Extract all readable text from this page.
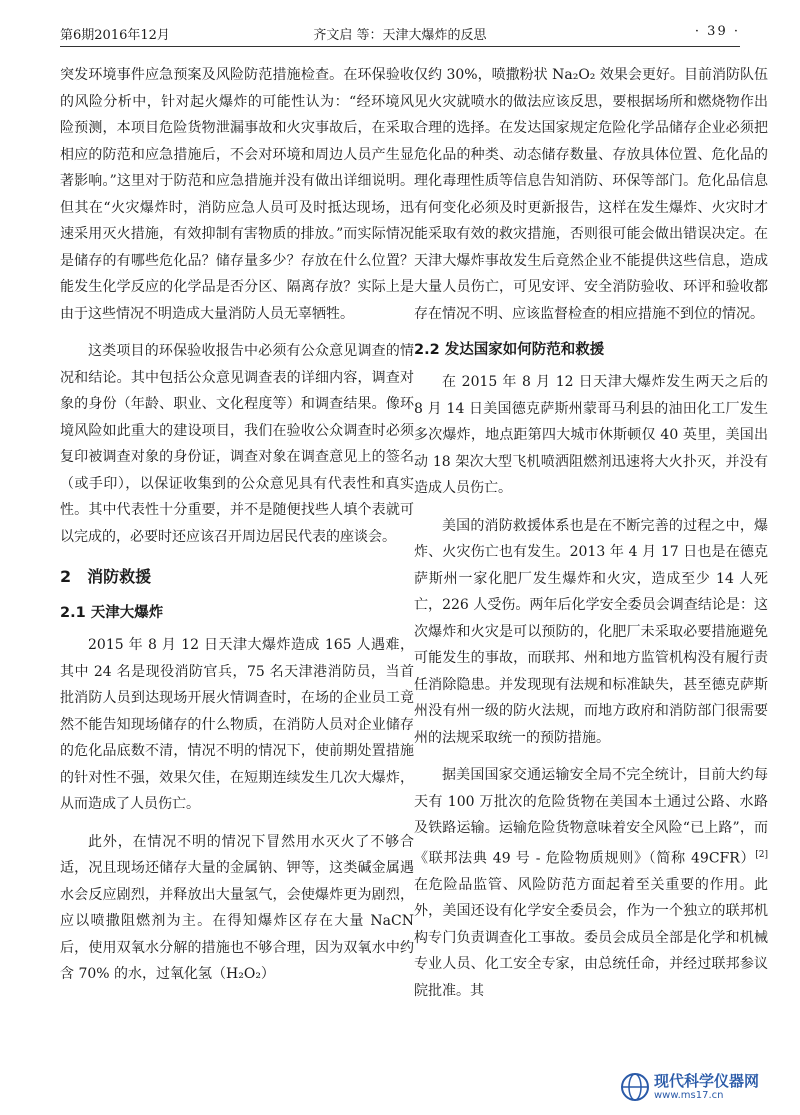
第6期2016年12月	齐文启 等：天津大爆炸的反思	· 39 ·

突发环境事件应急预案及风险防范措施检查。在环保验收的风险分析中，针对起火爆炸的可能性认为：“经环境风险预测，本项目危险货物泄漏事故和火灾事故后，在采取相应的防范和应急措施后，不会对环境和周边人员产生显著影响。”这里对于防范和应急措施并没有做出详细说明。但其在“火灾爆炸时，消防应急人员可及时抵达现场，迅速采用灭火措施，有效抑制有害物质的排放。”而实际情况是储存的有哪些危化品？储存量多少？存放在什么位置？能发生化学反应的化学品是否分区、隔离存放？实际上是由于这些情况不明造成大量消防人员无辜牺牲。

这类项目的环保验收报告中必须有公众意见调查的情况和结论。其中包括公众意见调查表的详细内容，调查对象的身份（年龄、职业、文化程度等）和调查结果。像环境风险如此重大的建设项目，我们在验收公众调查时必须复印被调查对象的身份证，调查对象在调查意见上的签名（或手印），以保证收集到的公众意见具有代表性和真实性。其中代表性十分重要，并不是随便找些人填个表就可以完成的，必要时还应该召开周边居民代表的座谈会。

2　消防救援
2.1 天津大爆炸

2015 年 8 月 12 日天津大爆炸造成 165 人遇难，其中 24 名是现役消防官兵，75 名天津港消防员，当首批消防人员到达现场开展火情调查时，在场的企业员工竟然不能告知现场储存的什么物质，在消防人员对企业储存的危化品底数不清，情况不明的情况下，使前期处置措施的针对性不强，效果欠佳，在短期连续发生几次大爆炸，从而造成了人员伤亡。

此外，在情况不明的情况下冒然用水灭火了不够合适，况且现场还储存大量的金属钠、钾等，这类碱金属遇水会反应剧烈，并释放出大量氢气，会使爆炸更为剧烈，应以喷撒阻燃剂为主。在得知爆炸区存在大量 NaCN 后，使用双氧水分解的措施也不够合理，因为双氧水中约含 70% 的水，过氧化氢（H₂O₂）

仅约 30%，喷撒粉状 Na₂O₂ 效果会更好。目前消防队伍见火灾就喷水的做法应该反思，要根据场所和燃烧物作出合理的选择。在发达国家规定危险化学品储存企业必须把危化品的种类、动态储存数量、存放具体位置、危化品的理化毒理性质等信息告知消防、环保等部门。危化品信息有何变化必须及时更新报告，这样在发生爆炸、火灾时才能采取有效的救灾措施，否则很可能会做出错误决定。在天津大爆炸事故发生后竟然企业不能提供这些信息，造成大量人员伤亡，可见安评、安全消防验收、环评和验收都存在情况不明、应该监督检查的相应措施不到位的情况。

2.2 发达国家如何防范和救援

在 2015 年 8 月 12 日天津大爆炸发生两天之后的 8 月 14 日美国德克萨斯州蒙哥马利县的油田化工厂发生多次爆炸，地点距第四大城市休斯顿仅 40 英里，美国出动 18 架次大型飞机喷洒阻燃剂迅速将大火扑灭，并没有造成人员伤亡。

美国的消防救援体系也是在不断完善的过程之中，爆炸、火灾伤亡也有发生。2013 年 4 月 17 日也是在德克萨斯州一家化肥厂发生爆炸和火灾，造成至少 14 人死亡，226 人受伤。两年后化学安全委员会调查结论是：这次爆炸和火灾是可以预防的，化肥厂未采取必要措施避免可能发生的事故，而联邦、州和地方监管机构没有履行责任消除隐患。并发现现有法规和标准缺失，甚至德克萨斯州没有州一级的防火法规，而地方政府和消防部门很需要州的法规采取统一的预防措施。

据美国国家交通运输安全局不完全统计，目前大约每天有 100 万批次的危险货物在美国本土通过公路、水路及铁路运输。运输危险货物意味着安全风险“已上路”，而《联邦法典 49 号 - 危险物质规则》（简称 49CFR）[2] 在危险品监管、风险防范方面起着至关重要的作用。此外，美国还设有化学安全委员会，作为一个独立的联邦机构专门负责调查化工事故。委员会成员全部是化学和机械专业人员、化工安全专家，由总统任命，并经过联邦参议院批准。其

现代科学仪器网
www.ms17.cn
